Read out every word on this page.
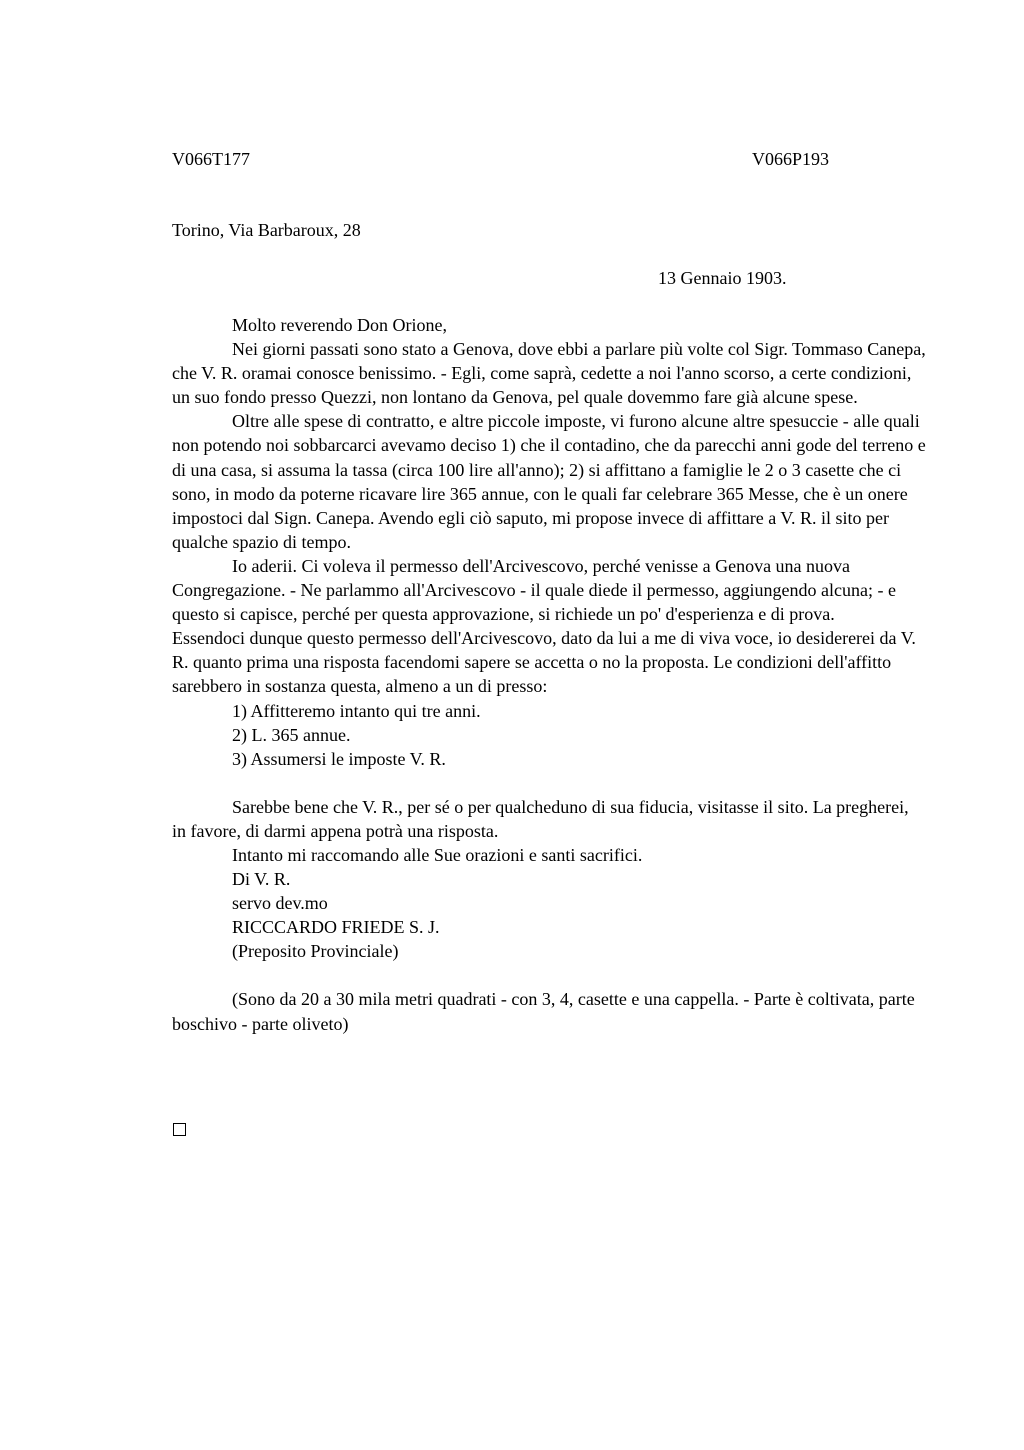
V066T177	V066P193
Torino, Via Barbaroux, 28
13 Gennaio 1903.

Molto reverendo Don Orione,

Nei giorni passati sono stato a Genova, dove ebbi a parlare più volte col Sigr. Tommaso Canepa, che V. R. oramai conosce benissimo. - Egli, come saprà, cedette a noi l'anno scorso, a certe condizioni, un suo fondo presso Quezzi, non lontano da Genova, pel quale dovemmo fare già alcune spese.

Oltre alle spese di contratto, e altre piccole imposte, vi furono alcune altre spesuccie - alle quali non potendo noi sobbarcarci avevamo deciso 1) che il contadino, che da parecchi anni gode del terreno e di una casa, si assuma la tassa (circa 100 lire all'anno); 2) si affittano a famiglie le 2 o 3 casette che ci sono, in modo da poterne ricavare lire 365 annue, con le quali far celebrare 365 Messe, che è un onere impostoci dal Sign. Canepa. Avendo egli ciò saputo, mi propose invece di affittare a V. R. il sito per qualche spazio di tempo.

Io aderii. Ci voleva il permesso dell'Arcivescovo, perché venisse a Genova una nuova Congregazione. - Ne parlammo all'Arcivescovo - il quale diede il permesso, aggiungendo alcuna; - e questo si capisce, perché per questa approvazione, si richiede un po' d'esperienza e di prova.

Essendoci dunque questo permesso dell'Arcivescovo, dato da lui a me di viva voce, io desidererei da V. R. quanto prima una risposta facendomi sapere se accetta o no la proposta. Le condizioni dell'affitto sarebbero in sostanza questa, almeno a un di presso:

1) Affitteremo intanto qui tre anni.

2) L. 365 annue.

3) Assumersi le imposte V. R.

Sarebbe bene che V. R., per sé o per qualcheduno di sua fiducia, visitasse il sito. La pregherei, in favore, di darmi appena potrà una risposta.

Intanto mi raccomando alle Sue orazioni e santi sacrifici.

Di V. R.

servo dev.mo

RICCCARDO FRIEDE S. J.

(Preposito Provinciale)

(Sono da 20 a 30 mila metri quadrati - con 3, 4, casette e una cappella. - Parte è coltivata, parte boschivo - parte oliveto)
